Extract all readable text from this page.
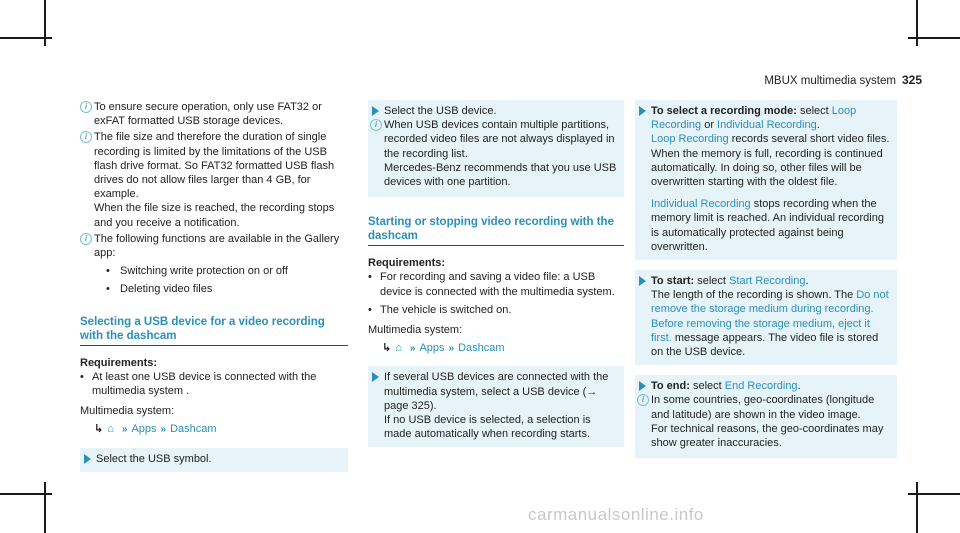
MBUX multimedia system 325
i To ensure secure operation, only use FAT32 or exFAT formatted USB storage devices.

i The file size and therefore the duration of single recording is limited by the limitations of the USB flash drive format. So FAT32 formatted USB flash drives do not allow files larger than 4 GB, for example.

When the file size is reached, the recording stops and you receive a notification.

i The following functions are available in the Gallery app:

• Switching write protection on or off
• Deleting video files
Selecting a USB device for a video recording with the dashcam
Requirements:
• At least one USB device is connected with the multimedia system .

Multimedia system:

↳ ⌂ » Apps » Dashcam

Select the USB symbol.

Select the USB device.

i When USB devices contain multiple partitions, recorded video files are not always displayed in the recording list.

Mercedes-Benz recommends that you use USB devices with one partition.

Starting or stopping video recording with the dashcam
Requirements:
• For recording and saving a video file: a USB device is connected with the multimedia system.
• The vehicle is switched on.

Multimedia system:

↳ ⌂ » Apps » Dashcam

If several USB devices are connected with the multimedia system, select a USB device (→ page 325).

If no USB device is selected, a selection is made automatically when recording starts.

To select a recording mode: select Loop Recording or Individual Recording.

Loop Recording records several short video files. When the memory is full, recording is continued automatically. In doing so, other files will be overwritten starting with the oldest file.

Individual Recording stops recording when the memory limit is reached. An individual recording is automatically protected against being overwritten.

To start: select Start Recording.

The length of the recording is shown. The Do not remove the storage medium during recording. Before removing the storage medium, eject it first. message appears. The video file is stored on the USB device.

To end: select End Recording.

i In some countries, geo-coordinates (longitude and latitude) are shown in the video image.

For technical reasons, the geo-coordinates may show greater inaccuracies.

carmanualsonline.info
